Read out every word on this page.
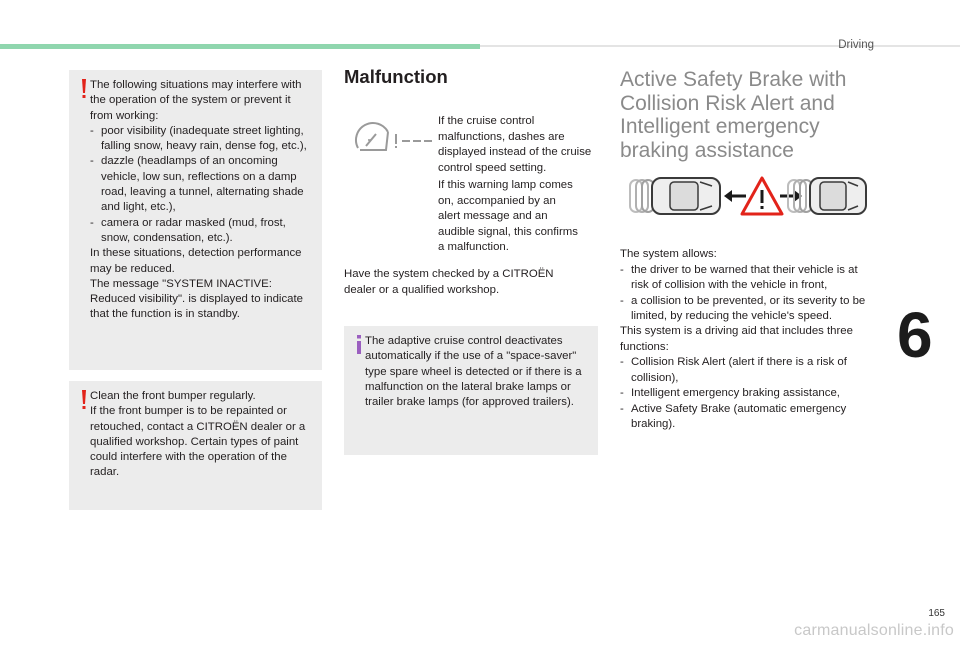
Driving
6

The following situations may interfere with the operation of the system or prevent it from working:

- poor visibility (inadequate street lighting, falling snow, heavy rain, dense fog, etc.),
- dazzle (headlamps of an oncoming vehicle, low sun, reflections on a damp road, leaving a tunnel, alternating shade and light, etc.),
- camera or radar masked (mud, frost, snow, condensation, etc.).

In these situations, detection performance may be reduced.

The message "SYSTEM INACTIVE: Reduced visibility". is displayed to indicate that the function is in standby.

Clean the front bumper regularly.

If the front bumper is to be repainted or retouched, contact a CITROËN dealer or a qualified workshop. Certain types of paint could interfere with the operation of the radar.

Malfunction

If the cruise control malfunctions, dashes are displayed instead of the cruise control speed setting.

If this warning lamp comes on, accompanied by an alert message and an audible signal, this confirms a malfunction.

Have the system checked by a CITROËN dealer or a qualified workshop.

The adaptive cruise control deactivates automatically if the use of a "space-saver" type spare wheel is detected or if there is a malfunction on the lateral brake lamps or trailer brake lamps (for approved trailers).

Active Safety Brake with Collision Risk Alert and Intelligent emergency braking assistance

The system allows:

- the driver to be warned that their vehicle is at risk of collision with the vehicle in front,
- a collision to be prevented, or its severity to be limited, by reducing the vehicle's speed.

This system is a driving aid that includes three functions:

- Collision Risk Alert (alert if there is a risk of collision),
- Intelligent emergency braking assistance,
- Active Safety Brake (automatic emergency braking).
165
carmanualsonline.info
